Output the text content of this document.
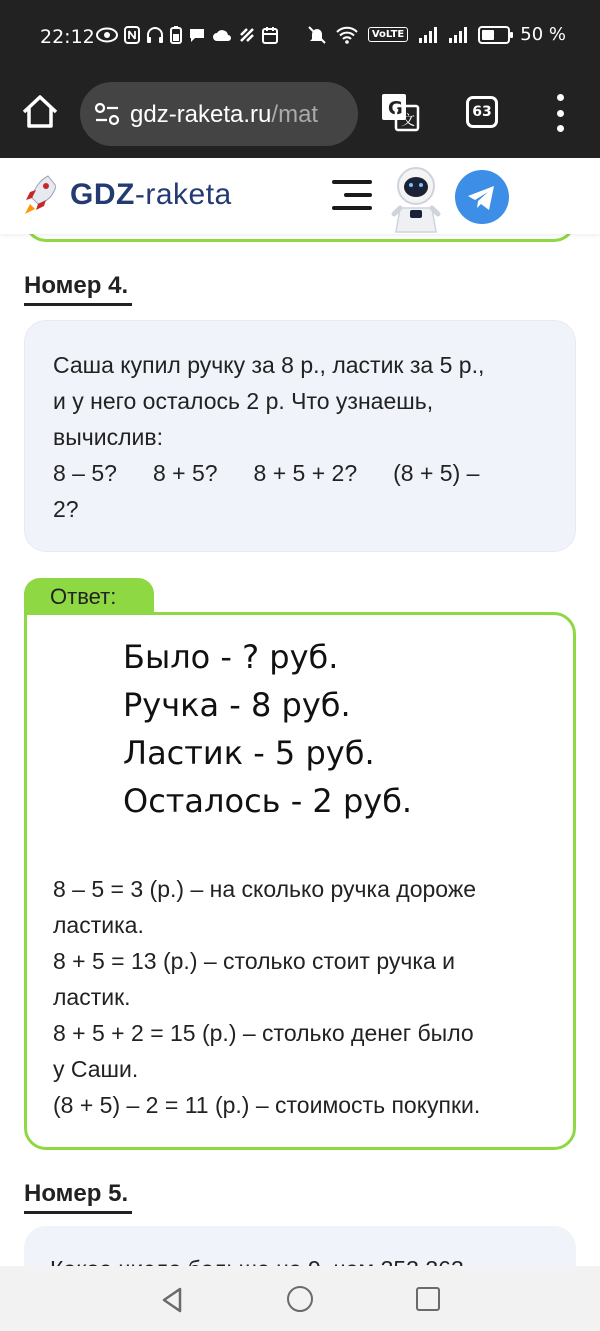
22:12	VoLTE	50 %
gdz-raketa.ru/mat	G
文
63
GDZ-raketa
Номер 4.
Саша купил ручку за 8 р., ластик за 5 р.,
и у него осталось 2 р. Что узнаешь,
вычислив:
8 – 5? 8 + 5? 8 + 5 + 2? (8 + 5) –
2?
Ответ:
Было - ? руб.
Ручка - 8 руб.
Ластик - 5 руб.
Осталось - 2 руб.
8 – 5 = 3 (р.) – на сколько ручка дороже
ластика.
8 + 5 = 13 (р.) – столько стоит ручка и
ластик.
8 + 5 + 2 = 15 (р.) – столько денег было
у Саши.
(8 + 5) – 2 = 11 (р.) – стоимость покупки.
Номер 5.
